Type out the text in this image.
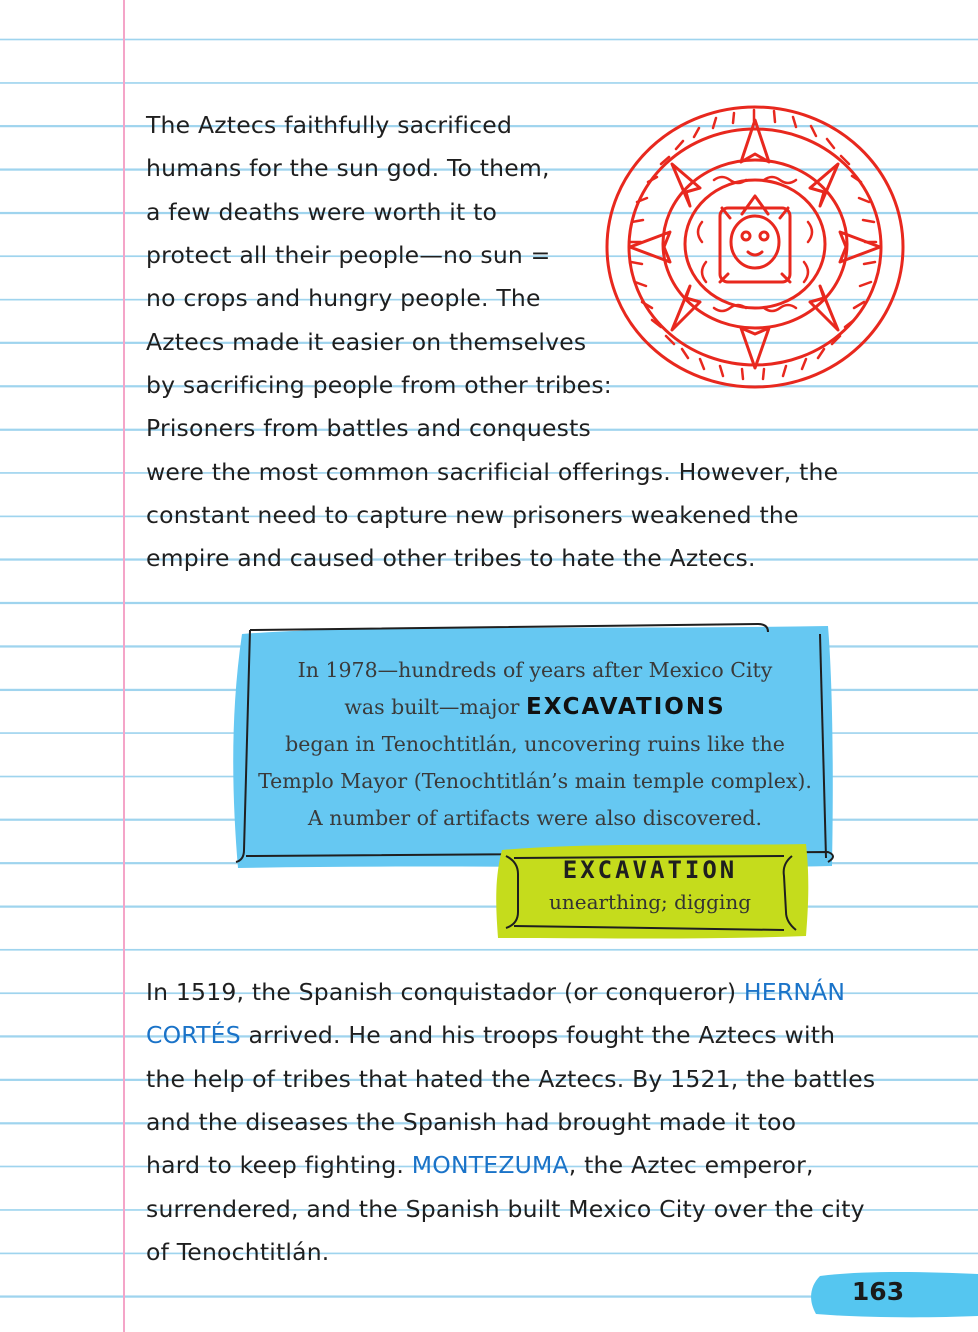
The Aztecs faithfully sacrificed
humans for the sun god. To them,
a few deaths were worth it to
protect all their people—no sun =
no crops and hungry people. The
Aztecs made it easier on themselves
by sacrificing people from other tribes:
Prisoners from battles and conquests
were the most common sacrificial offerings. However, the
constant need to capture new prisoners weakened the
empire and caused other tribes to hate the Aztecs.
In 1978—hundreds of years after Mexico City
was built—major EXCAVATIONS
began in Tenochtitlán, uncovering ruins like the
Templo Mayor (Tenochtitlán’s main temple complex).
A number of artifacts were also discovered.
EXCAVATION
unearthing; digging
In 1519, the Spanish conquistador (or conqueror) HERNÁN
CORTÉS arrived. He and his troops fought the Aztecs with
the help of tribes that hated the Aztecs. By 1521, the battles
and the diseases the Spanish had brought made it too
hard to keep fighting. MONTEZUMA, the Aztec emperor,
surrendered, and the Spanish built Mexico City over the city
of Tenochtitlán.
163
